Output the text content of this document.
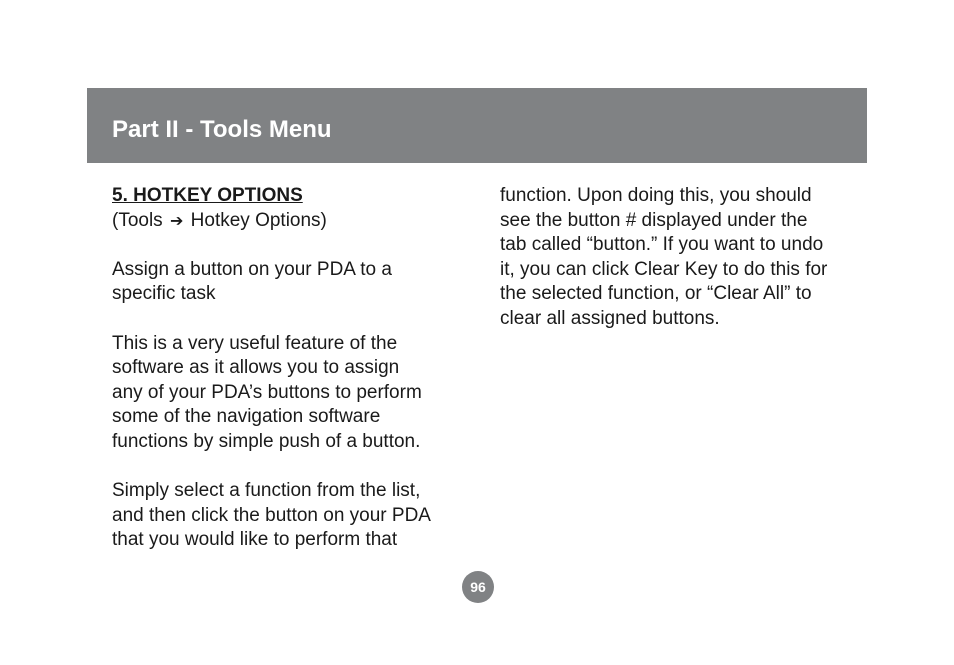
Part II - Tools Menu

5. HOTKEY OPTIONS

(Tools ➔ Hotkey Options)

Assign a button on your PDA to a

specific task

This is a very useful feature of the

software as it allows you to assign

any of your PDA’s buttons to perform

some of the navigation software

functions by simple push of a button.

Simply select a function from the list,

and then click the button on your PDA

that you would like to perform that

function. Upon doing this, you should

see the button # displayed under the

tab called “button.” If you want to undo

it, you can click Clear Key to do this for

the selected function, or “Clear All” to

clear all assigned buttons.

96
